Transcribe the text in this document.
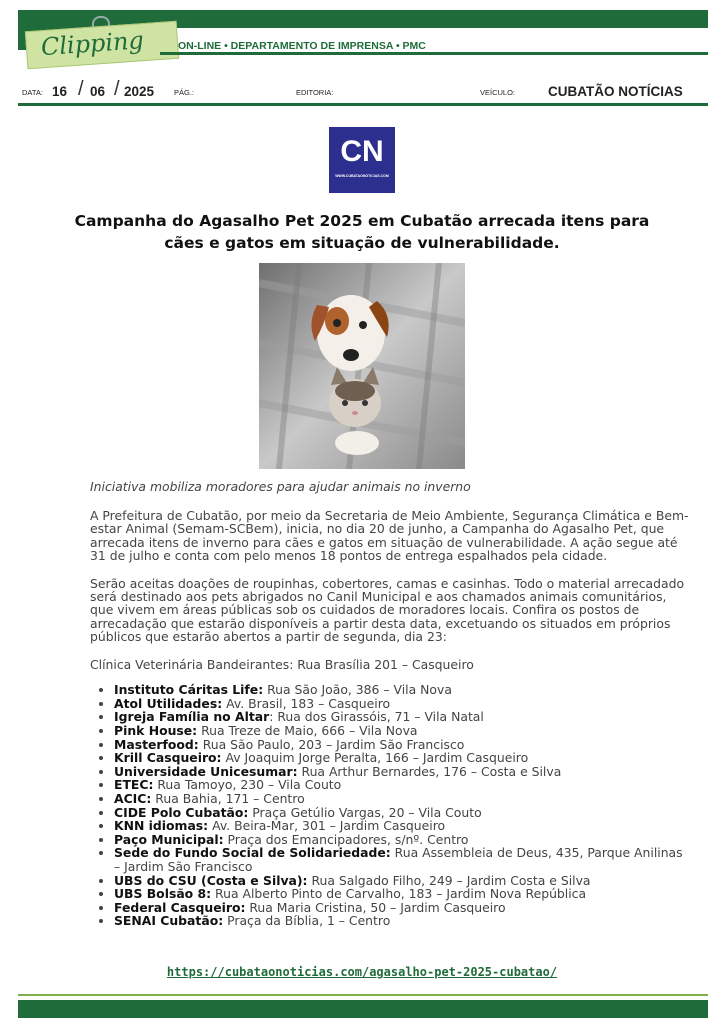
Clipping	ON-LINE • DEPARTAMENTO DE IMPRENSA • PMC
DATA: 16 / 06 / 2025	PÁG.:	EDITORIA:	VEÍCULO: CUBATÃO NOTÍCIAS
CN
WWW.CUBATAONOTICIAS.COM
Campanha do Agasalho Pet 2025 em Cubatão arrecada itens para cães e gatos em situação de vulnerabilidade.

Iniciativa mobiliza moradores para ajudar animais no inverno

A Prefeitura de Cubatão, por meio da Secretaria de Meio Ambiente, Segurança Climática e Bem-estar Animal (Semam-SCBem), inicia, no dia 20 de junho, a Campanha do Agasalho Pet, que arrecada itens de inverno para cães e gatos em situação de vulnerabilidade. A ação segue até 31 de julho e conta com pelo menos 18 pontos de entrega espalhados pela cidade.

Serão aceitas doações de roupinhas, cobertores, camas e casinhas. Todo o material arrecadado será destinado aos pets abrigados no Canil Municipal e aos chamados animais comunitários, que vivem em áreas públicas sob os cuidados de moradores locais. Confira os postos de arrecadação que estarão disponíveis a partir desta data, excetuando os situados em próprios públicos que estarão abertos a partir de segunda, dia 23:

Clínica Veterinária Bandeirantes: Rua Brasília 201 – Casqueiro

• Instituto Cáritas Life: Rua São João, 386 – Vila Nova
• Atol Utilidades: Av. Brasil, 183 – Casqueiro
• Igreja Família no Altar: Rua dos Girassóis, 71 – Vila Natal
• Pink House: Rua Treze de Maio, 666 – Vila Nova
• Masterfood: Rua São Paulo, 203 – Jardim São Francisco
• Krill Casqueiro: Av Joaquim Jorge Peralta, 166 – Jardim Casqueiro
• Universidade Unicesumar: Rua Arthur Bernardes, 176 – Costa e Silva
• ETEC: Rua Tamoyo, 230 – Vila Couto
• ACIC: Rua Bahia, 171 – Centro
• CIDE Polo Cubatão: Praça Getúlio Vargas, 20 – Vila Couto
• KNN idiomas: Av. Beira-Mar, 301 – Jardim Casqueiro
• Paço Municipal: Praça dos Emancipadores, s/nº. Centro
• Sede do Fundo Social de Solidariedade: Rua Assembleia de Deus, 435, Parque Anilinas – Jardim São Francisco
• UBS do CSU (Costa e Silva): Rua Salgado Filho, 249 – Jardim Costa e Silva
• UBS Bolsão 8: Rua Alberto Pinto de Carvalho, 183 – Jardim Nova República
• Federal Casqueiro: Rua Maria Cristina, 50 – Jardim Casqueiro
• SENAI Cubatão: Praça da Bíblia, 1 – Centro
https://cubataonoticias.com/agasalho-pet-2025-cubatao/
